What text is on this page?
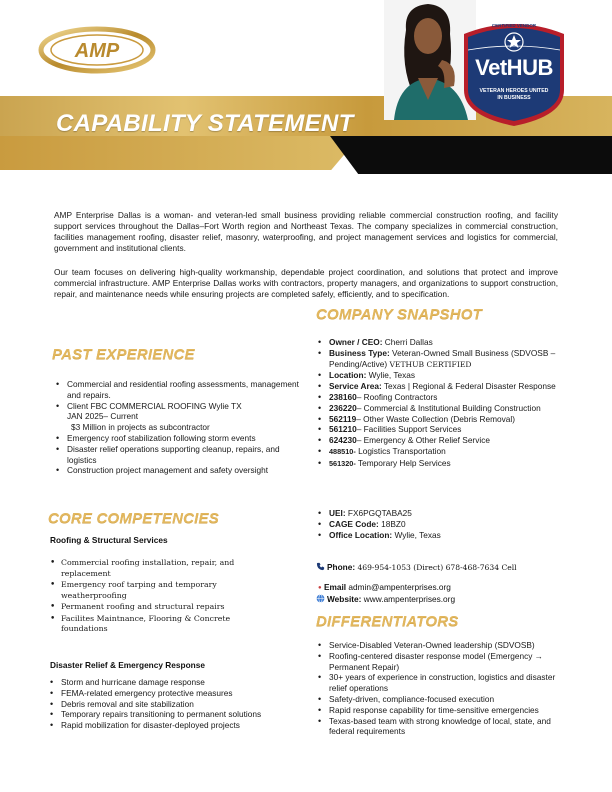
AMP
CERTIFIED VENDOR
VetHUB
VETERAN HEROES UNITED
IN BUSINESS
CAPABILITY STATEMENT

AMP Enterprise Dallas is a woman- and veteran-led small business providing reliable commercial construction roofing, and facility support services throughout the Dallas–Fort Worth region and Northeast Texas. The company specializes in commercial construction, facilities management roofing, disaster relief, masonry, waterproofing, and project management services and logistics for commercial, government and institutional clients.

Our team focuses on delivering high-quality workmanship, dependable project coordination, and solutions that protect and improve commercial infrastructure. AMP Enterprise Dallas works with contractors, property managers, and organizations to support construction, repair, and maintenance needs while ensuring projects are completed safely, efficiently, and to specification.

PAST EXPERIENCE
• Commercial and residential roofing assessments, management and repairs.
• Client FBC COMMERCIAL ROOFING Wylie TX
JAN 2025– Current
$3 Million in projects as subcontractor
• Emergency roof stabilization following storm events
• Disaster relief operations supporting cleanup, repairs, and logistics
• Construction project management and safety oversight
CORE COMPETENCIES
Roofing & Structural Services
• Commercial roofing installation, repair, and replacement
• Emergency roof tarping and temporary weatherproofing
• Permanent roofing and structural repairs
• Facilites Maintnance, Flooring & Concrete foundations
Disaster Relief & Emergency Response
• Storm and hurricane damage response
• FEMA-related emergency protective measures
• Debris removal and site stabilization
• Temporary repairs transitioning to permanent solutions
• Rapid mobilization for disaster-deployed projects
COMPANY SNAPSHOT
• Owner / CEO: Cherri Dallas
• Business Type: Veteran-Owned Small Business (SDVOSB – Pending/Active) VETHUB CERTIFIED
• Location: Wylie, Texas
• Service Area: Texas | Regional & Federal Disaster Response
• 238160– Roofing Contractors
• 236220– Commercial & Institutional Building Construction
• 562119– Other Waste Collection (Debris Removal)
• 561210– Facilities Support Services
• 624230– Emergency & Other Relief Service
• 488510- Logistics Transportation
• 561320- Temporary Help Services
• UEI: FX6PGQTABA25
• CAGE Code: 18BZ0
• Office Location: Wylie, Texas
Phone: 469-954-1053 (Direct) 678-468-7634 Cell
● Email admin@ampenterprises.org
Website: www.ampenterprises.org
DIFFERENTIATORS
• Service-Disabled Veteran-Owned leadership (SDVOSB)
• Roofing-centered disaster response model (Emergency → Permanent Repair)
• 30+ years of experience in construction, logistics and disaster relief operations
• Safety-driven, compliance-focused execution
• Rapid response capability for time-sensitive emergencies
• Texas-based team with strong knowledge of local, state, and federal requirements
